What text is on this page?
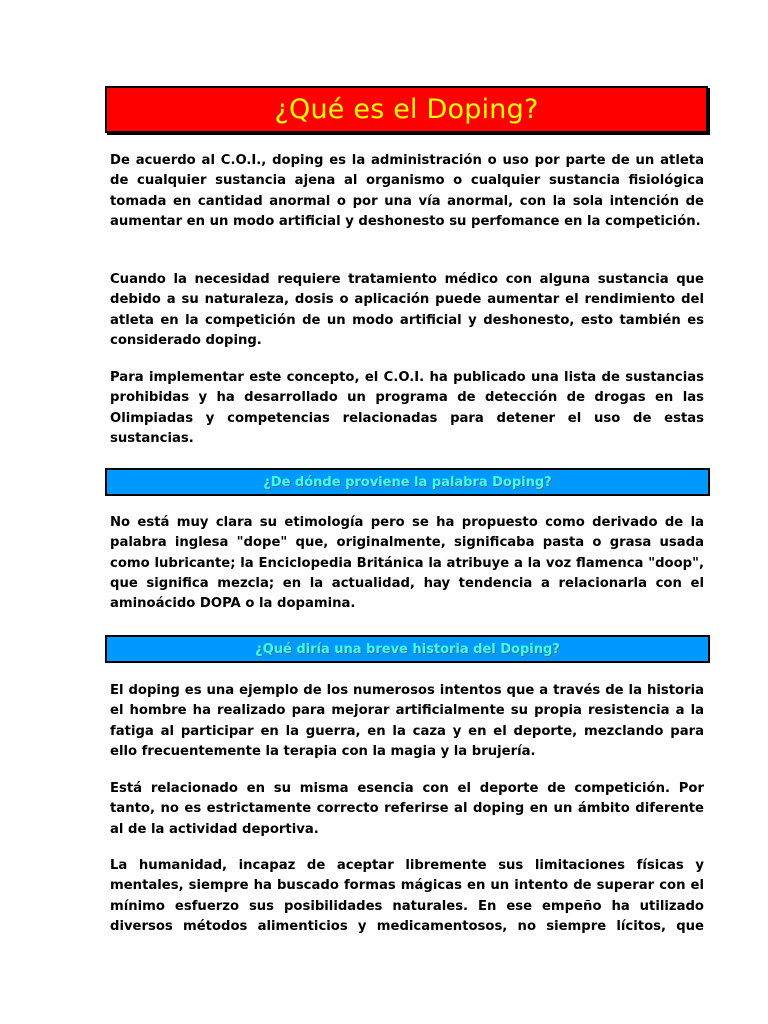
¿Qué es el Doping?

De acuerdo al C.O.I., doping es la administración o uso por parte de un atleta de cualquier sustancia ajena al organismo o cualquier sustancia fisiológica tomada en cantidad anormal o por una vía anormal, con la sola intención de aumentar en un modo artificial y deshonesto su perfomance en la competición.

Cuando la necesidad requiere tratamiento médico con alguna sustancia que debido a su naturaleza, dosis o aplicación puede aumentar el rendimiento del atleta en la competición de un modo artificial y deshonesto, esto también es considerado doping.

Para implementar este concepto, el C.O.I. ha publicado una lista de sustancias prohibidas y ha desarrollado un programa de detección de drogas en las Olimpiadas y competencias relacionadas para detener el uso de estas sustancias.

¿De dónde proviene la palabra Doping?

No está muy clara su etimología pero se ha propuesto como derivado de la palabra inglesa "dope" que, originalmente, significaba pasta o grasa usada como lubricante; la Enciclopedia Británica la atribuye a la voz flamenca "doop", que significa mezcla; en la actualidad, hay tendencia a relacionarla con el aminoácido DOPA o la dopamina.

¿Qué diría una breve historia del Doping?

El doping es una ejemplo de los numerosos intentos que a través de la historia el hombre ha realizado para mejorar artificialmente su propia resistencia a la fatiga al participar en la guerra, en la caza y en el deporte, mezclando para ello frecuentemente la terapia con la magia y la brujería.

Está relacionado en su misma esencia con el deporte de competición. Por tanto, no es estrictamente correcto referirse al doping en un ámbito diferente al de la actividad deportiva.

La humanidad, incapaz de aceptar libremente sus limitaciones físicas y mentales, siempre ha buscado formas mágicas en un intento de superar con el mínimo esfuerzo sus posibilidades naturales. En ese empeño ha utilizado diversos métodos alimenticios y medicamentosos, no siempre lícitos, que
